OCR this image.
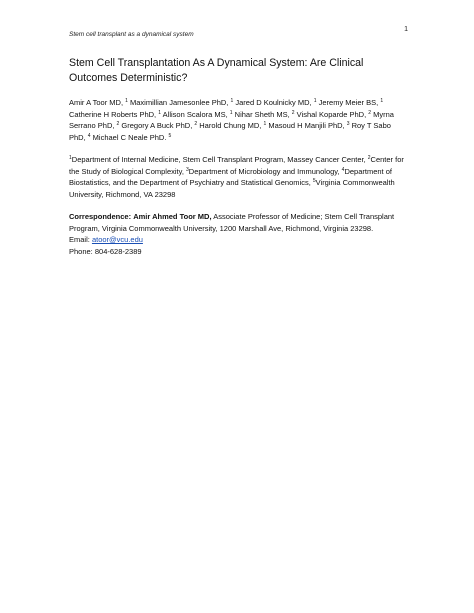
Stem cell transplant as a dynamical system
1
Stem Cell Transplantation As A Dynamical System: Are Clinical Outcomes Deterministic?

Amir A Toor MD, $^1$ Maximillian Jamesonlee PhD, $^1$ Jared D Koulnicky MD, $^1$ Jeremy Meier BS, $^1$ Catherine H Roberts PhD, $^1$ Allison Scalora MS, $^1$ Nihar Sheth MS, $^2$ Vishal Koparde PhD, $^2$ Myrna Serrano PhD, $^2$ Gregory A Buck PhD, $^2$ Harold Chung MD, $^1$ Masoud H Manjili PhD, $^3$ Roy T Sabo PhD, $^4$ Michael C Neale PhD. $^5$

$^1$Department of Internal Medicine, Stem Cell Transplant Program, Massey Cancer Center, $^2$Center for the Study of Biological Complexity, $^3$Department of Microbiology and Immunology, $^4$Department of Biostatistics, and the Department of Psychiatry and Statistical Genomics, $^5$Virginia Commonwealth University, Richmond, VA 23298

Correspondence: Amir Ahmed Toor MD, Associate Professor of Medicine; Stem Cell Transplant Program, Virginia Commonwealth University, 1200 Marshall Ave, Richmond, Virginia 23298.

Email: atoor@vcu.edu

Phone: 804-628-2389
